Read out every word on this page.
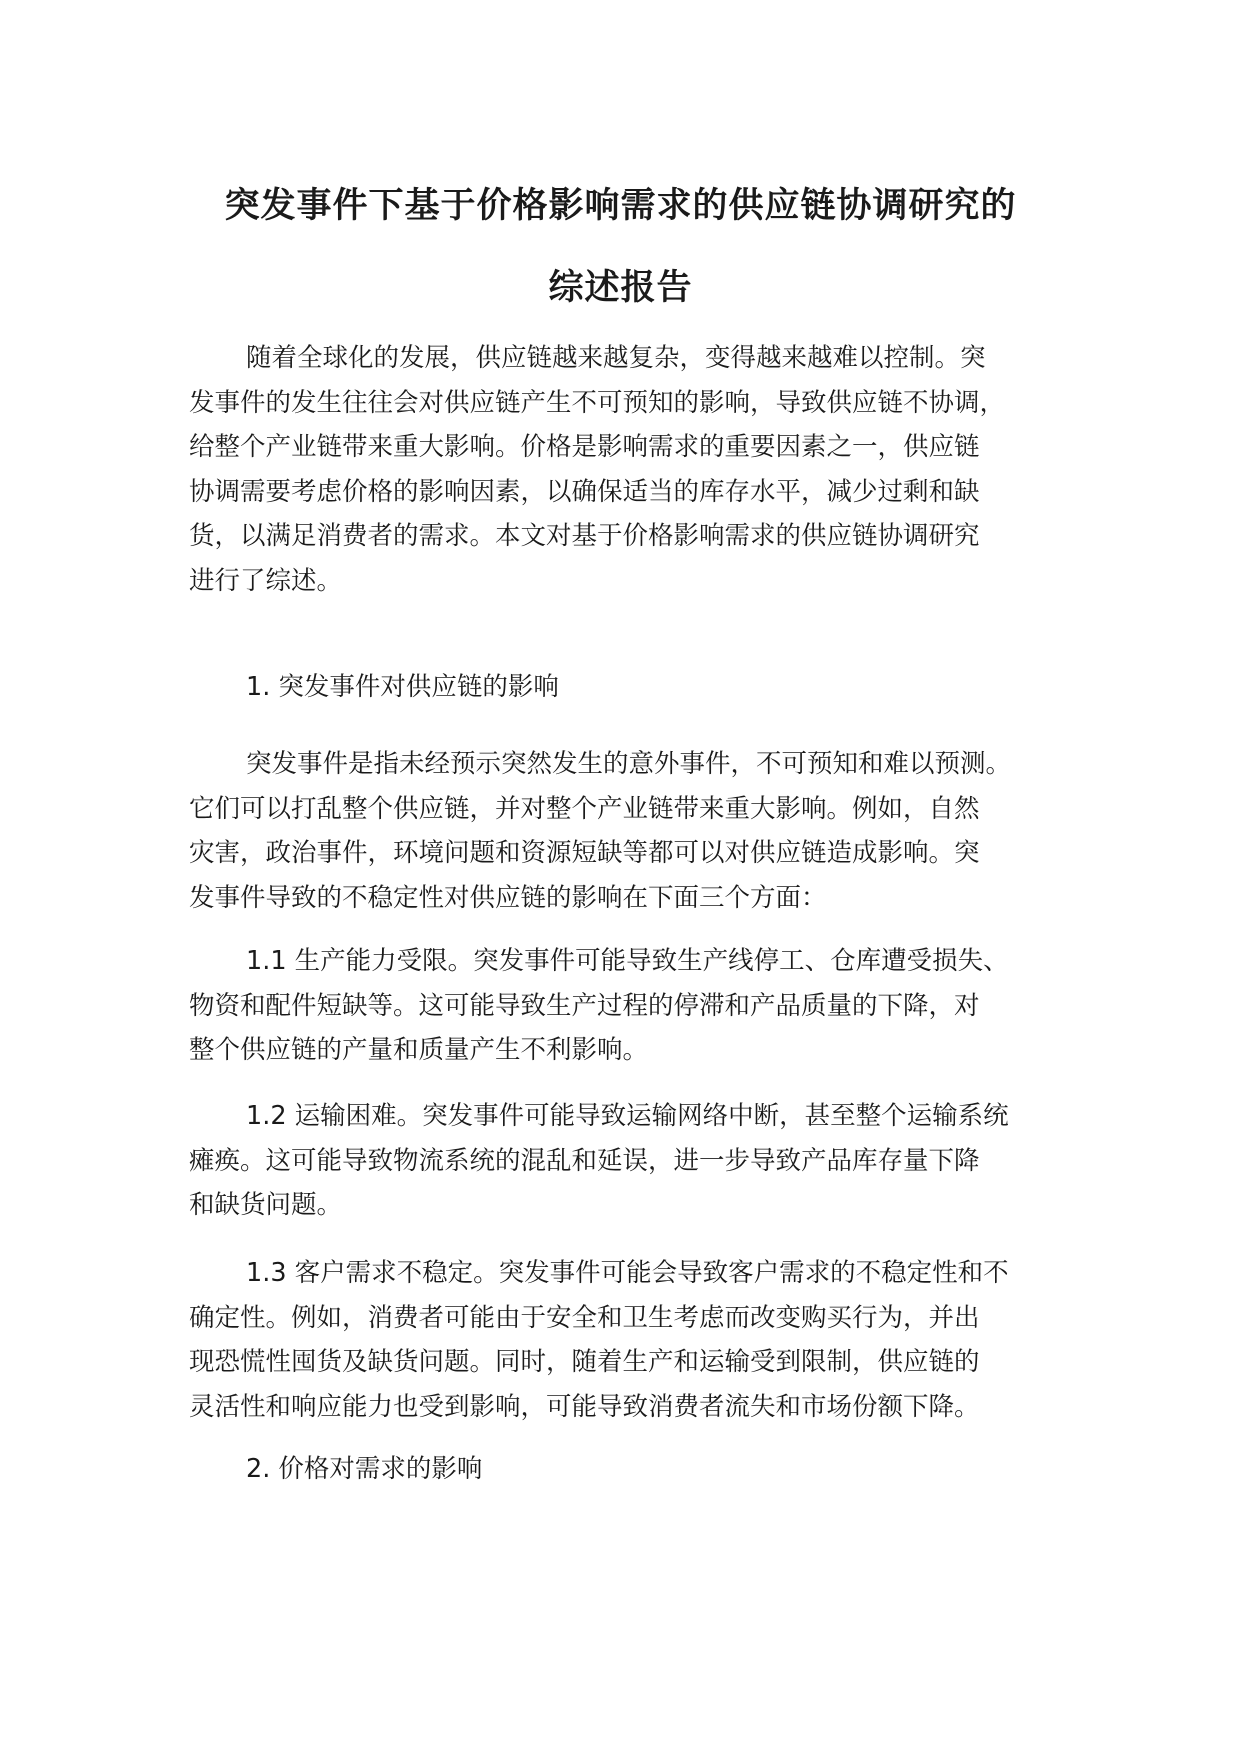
突发事件下基于价格影响需求的供应链协调研究的
综述报告

随着全球化的发展，供应链越来越复杂，变得越来越难以控制。突
发事件的发生往往会对供应链产生不可预知的影响，导致供应链不协调，
给整个产业链带来重大影响。价格是影响需求的重要因素之一，供应链
协调需要考虑价格的影响因素，以确保适当的库存水平，减少过剩和缺
货，以满足消费者的需求。本文对基于价格影响需求的供应链协调研究
进行了综述。

1. 突发事件对供应链的影响

突发事件是指未经预示突然发生的意外事件，不可预知和难以预测。
它们可以打乱整个供应链，并对整个产业链带来重大影响。例如，自然
灾害，政治事件，环境问题和资源短缺等都可以对供应链造成影响。突
发事件导致的不稳定性对供应链的影响在下面三个方面：

1.1 生产能力受限。突发事件可能导致生产线停工、仓库遭受损失、
物资和配件短缺等。这可能导致生产过程的停滞和产品质量的下降，对
整个供应链的产量和质量产生不利影响。

1.2 运输困难。突发事件可能导致运输网络中断，甚至整个运输系统
瘫痪。这可能导致物流系统的混乱和延误，进一步导致产品库存量下降
和缺货问题。

1.3 客户需求不稳定。突发事件可能会导致客户需求的不稳定性和不
确定性。例如，消费者可能由于安全和卫生考虑而改变购买行为，并出
现恐慌性囤货及缺货问题。同时，随着生产和运输受到限制，供应链的
灵活性和响应能力也受到影响，可能导致消费者流失和市场份额下降。

2. 价格对需求的影响
